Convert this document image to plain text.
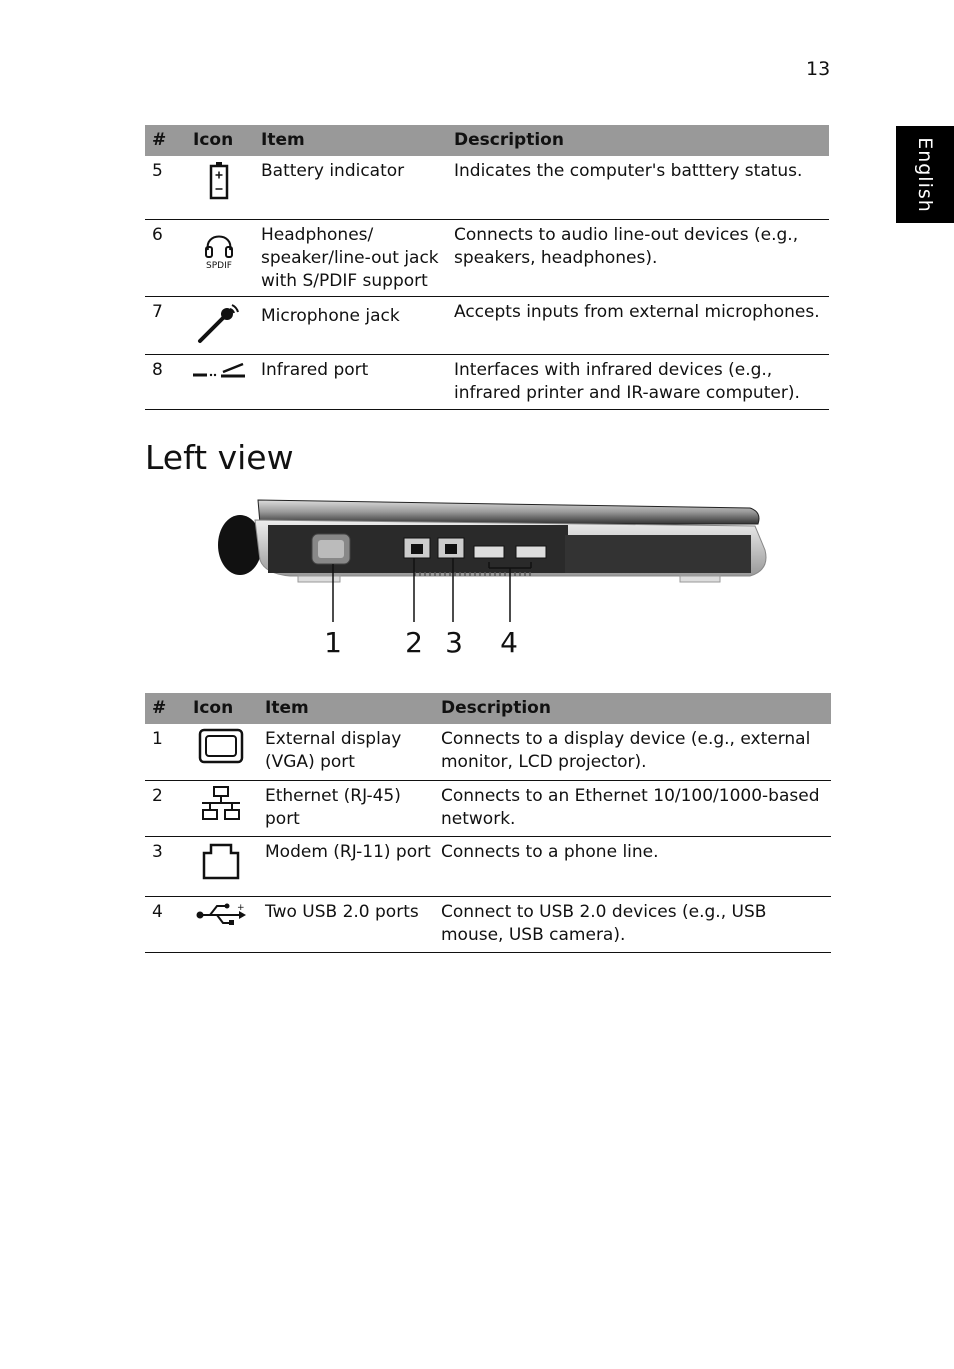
13
English
#	Icon	Item	Description
5		Battery indicator	Indicates the computer's batttery status.
6	SPDIF	Headphones/ speaker/line-out jack with S/PDIF support	Connects to audio line-out devices (e.g., speakers, headphones).
7		Microphone jack	Accepts inputs from external microphones.
8		Infrared port	Interfaces with infrared devices (e.g., infrared printer and IR-aware computer).
Left view
1 2 3 4
#	Icon	Item	Description
1		External display (VGA) port	Connects to a display device (e.g., external monitor, LCD projector).
2		Ethernet (RJ-45) port	Connects to an Ethernet 10/100/1000-based network.
3		Modem (RJ-11) port	Connects to a phone line.
4	+	Two USB 2.0 ports	Connect to USB 2.0 devices (e.g., USB mouse, USB camera).
